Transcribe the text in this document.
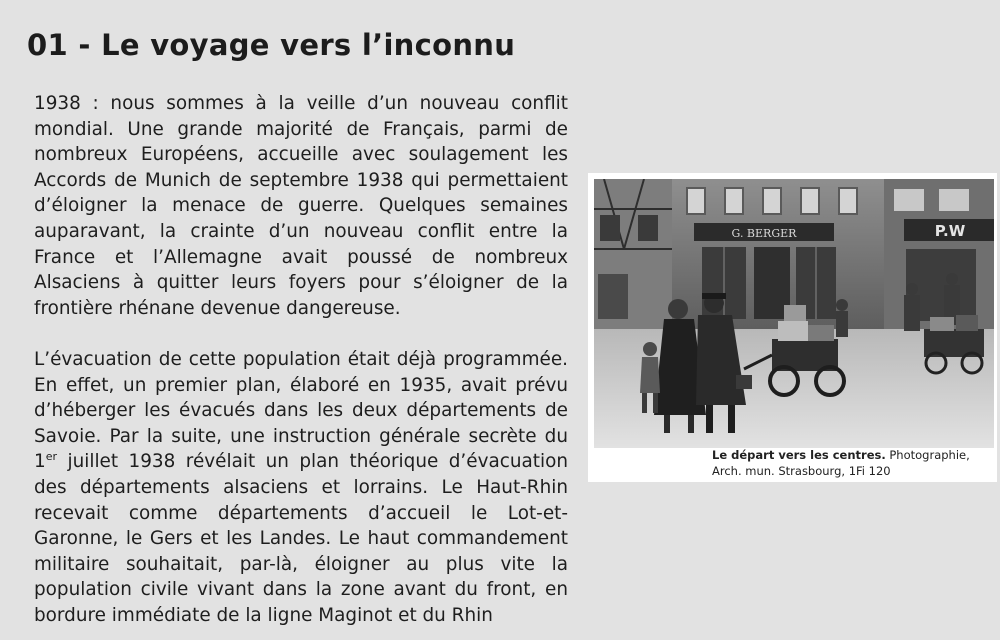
01 - Le voyage vers l’inconnu

1938 : nous sommes à la veille d’un nouveau conflit mondial. Une grande majorité de Français, parmi de nombreux Européens, accueille avec soulagement les Accords de Munich de septembre 1938 qui permettaient d’éloigner la menace de guerre. Quelques semaines auparavant, la crainte d’un nouveau conflit entre la France et l’Allemagne avait poussé de nombreux Alsaciens à quitter leurs foyers pour s’éloigner de la frontière rhénane devenue dangereuse.

L’évacuation de cette population était déjà programmée. En effet, un premier plan, élaboré en 1935, avait prévu d’héberger les évacués dans les deux départements de Savoie. Par la suite, une instruction générale secrète du 1er juillet 1938 révélait un plan théorique d’évacuation des départements alsaciens et lorrains. Le Haut-Rhin recevait comme départements d’accueil le Lot-et-Garonne, le Gers et les Landes. Le haut commandement militaire souhaitait, par-là, éloigner au plus vite la population civile vivant dans la zone avant du front, en bordure immédiate de la ligne Maginot et du Rhin

G. BERGER	P.W
Le départ vers les centres. Photographie, Arch. mun. Strasbourg, 1Fi 120
